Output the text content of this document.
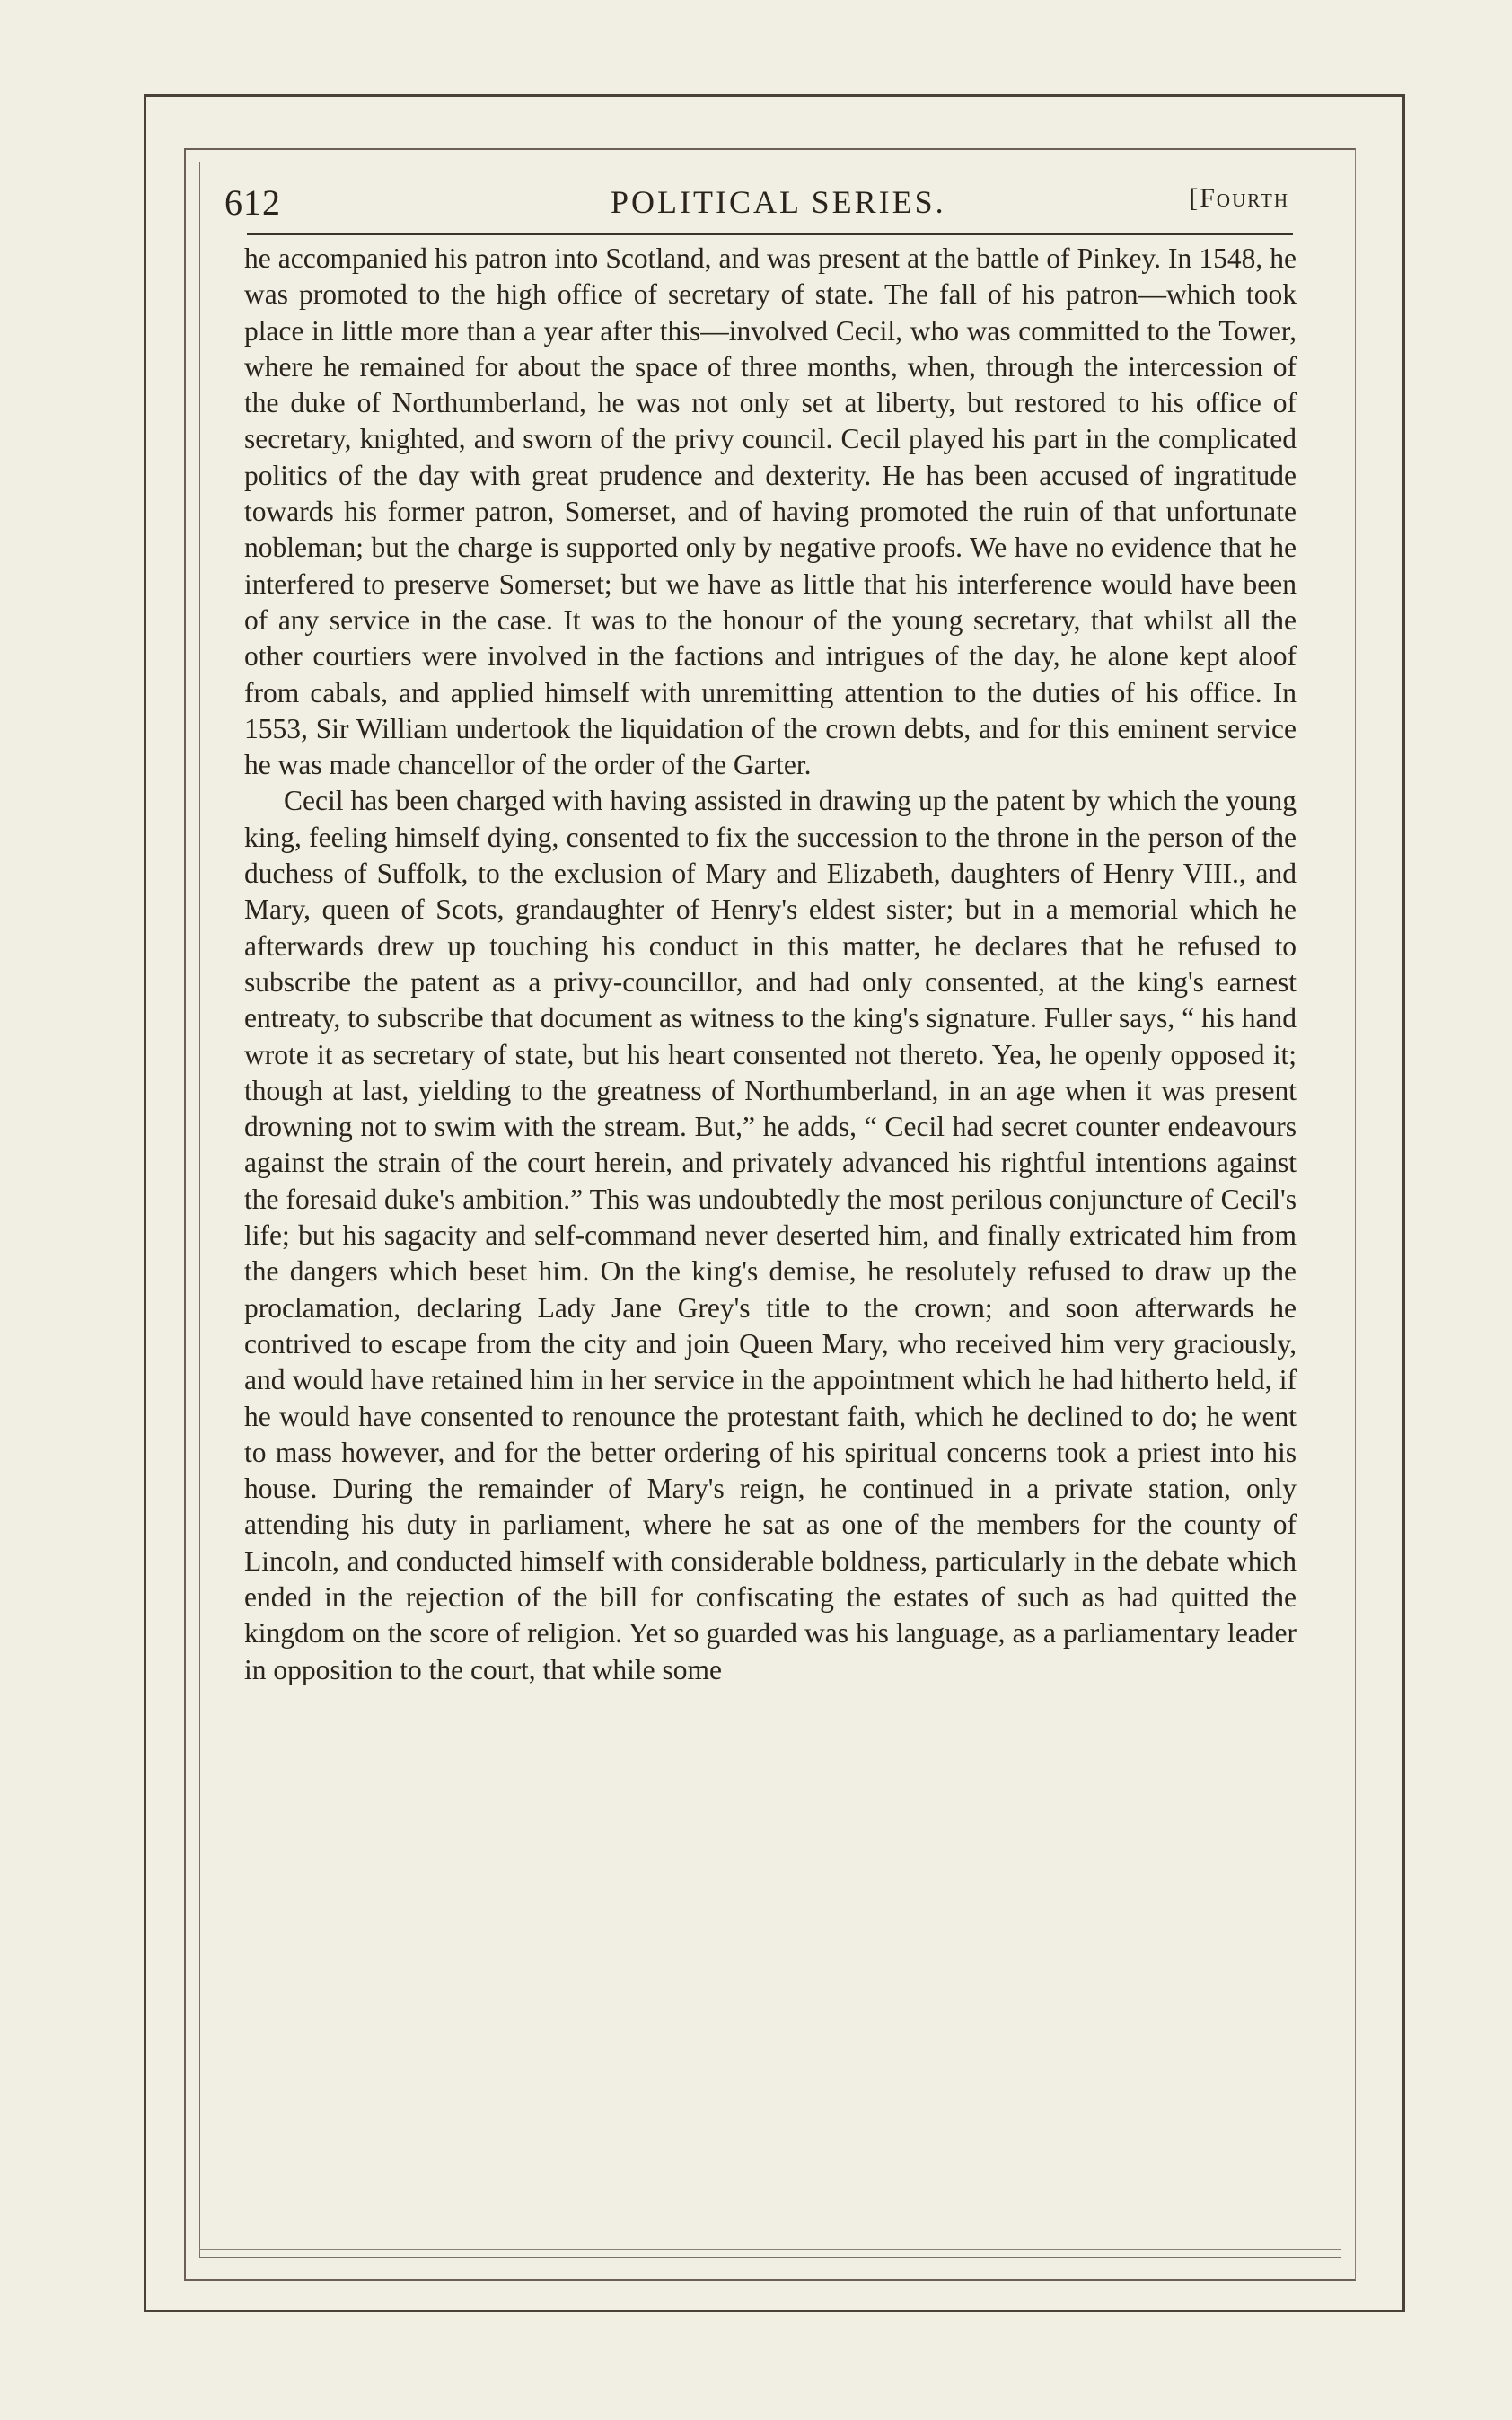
612	POLITICAL SERIES.	[Fourth

he accompanied his patron into Scotland, and was present at the battle of Pinkey. In 1548, he was promoted to the high office of secretary of state. The fall of his patron—which took place in little more than a year after this—involved Cecil, who was committed to the Tower, where he remained for about the space of three months, when, through the intercession of the duke of Northumberland, he was not only set at liberty, but restored to his office of secretary, knighted, and sworn of the privy council. Cecil played his part in the complicated politics of the day with great prudence and dexterity. He has been accused of ingratitude towards his former patron, Somerset, and of having promoted the ruin of that unfortunate nobleman; but the charge is supported only by negative proofs. We have no evidence that he interfered to preserve Somerset; but we have as little that his interference would have been of any service in the case. It was to the honour of the young secretary, that whilst all the other courtiers were involved in the factions and intrigues of the day, he alone kept aloof from cabals, and applied himself with unremitting attention to the duties of his office. In 1553, Sir William undertook the liquidation of the crown debts, and for this eminent service he was made chancellor of the order of the Garter.

Cecil has been charged with having assisted in drawing up the patent by which the young king, feeling himself dying, consented to fix the succession to the throne in the person of the duchess of Suffolk, to the exclusion of Mary and Elizabeth, daughters of Henry VIII., and Mary, queen of Scots, grandaughter of Henry's eldest sister; but in a memorial which he afterwards drew up touching his conduct in this matter, he declares that he refused to subscribe the patent as a privy-councillor, and had only consented, at the king's earnest entreaty, to subscribe that document as witness to the king's signature. Fuller says, “ his hand wrote it as secretary of state, but his heart consented not thereto. Yea, he openly opposed it; though at last, yielding to the greatness of Northumberland, in an age when it was present drowning not to swim with the stream. But,” he adds, “ Cecil had secret counter endeavours against the strain of the court herein, and privately advanced his rightful intentions against the foresaid duke's ambition.” This was undoubtedly the most perilous conjuncture of Cecil's life; but his sagacity and self-command never deserted him, and finally extricated him from the dangers which beset him. On the king's demise, he resolutely refused to draw up the proclamation, declaring Lady Jane Grey's title to the crown; and soon afterwards he contrived to escape from the city and join Queen Mary, who received him very graciously, and would have retained him in her service in the appointment which he had hitherto held, if he would have consented to renounce the protestant faith, which he declined to do; he went to mass however, and for the better ordering of his spiritual concerns took a priest into his house. During the remainder of Mary's reign, he continued in a private station, only attending his duty in parliament, where he sat as one of the members for the county of Lincoln, and conducted himself with considerable boldness, particularly in the debate which ended in the rejection of the bill for confiscating the estates of such as had quitted the kingdom on the score of religion. Yet so guarded was his language, as a parliamentary leader in opposition to the court, that while some
